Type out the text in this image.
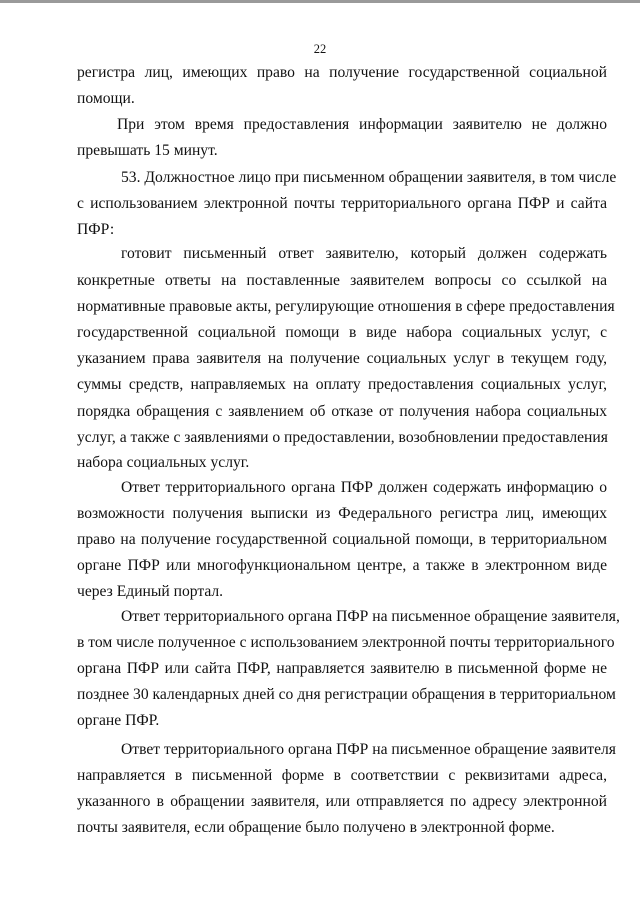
22
регистра лиц, имеющих право на получение государственной социальной
помощи.
При этом время предоставления информации заявителю не должно
превышать 15 минут.
53. Должностное лицо при письменном обращении заявителя, в том числе
с использованием электронной почты территориального органа ПФР и сайта
ПФР:
готовит письменный ответ заявителю, который должен содержать
конкретные ответы на поставленные заявителем вопросы со ссылкой на
нормативные правовые акты, регулирующие отношения в сфере предоставления
государственной социальной помощи в виде набора социальных услуг, с
указанием права заявителя на получение социальных услуг в текущем году,
суммы средств, направляемых на оплату предоставления социальных услуг,
порядка обращения с заявлением об отказе от получения набора социальных
услуг, а также с заявлениями о предоставлении, возобновлении предоставления
набора социальных услуг.
Ответ территориального органа ПФР должен содержать информацию о
возможности получения выписки из Федерального регистра лиц, имеющих
право на получение государственной социальной помощи, в территориальном
органе ПФР или многофункциональном центре, а также в электронном виде
через Единый портал.
Ответ территориального органа ПФР на письменное обращение заявителя,
в том числе полученное с использованием электронной почты территориального
органа ПФР или сайта ПФР, направляется заявителю в письменной форме не
позднее 30 календарных дней со дня регистрации обращения в территориальном
органе ПФР.
Ответ территориального органа ПФР на письменное обращение заявителя
направляется в письменной форме в соответствии с реквизитами адреса,
указанного в обращении заявителя, или отправляется по адресу электронной
почты заявителя, если обращение было получено в электронной форме.
